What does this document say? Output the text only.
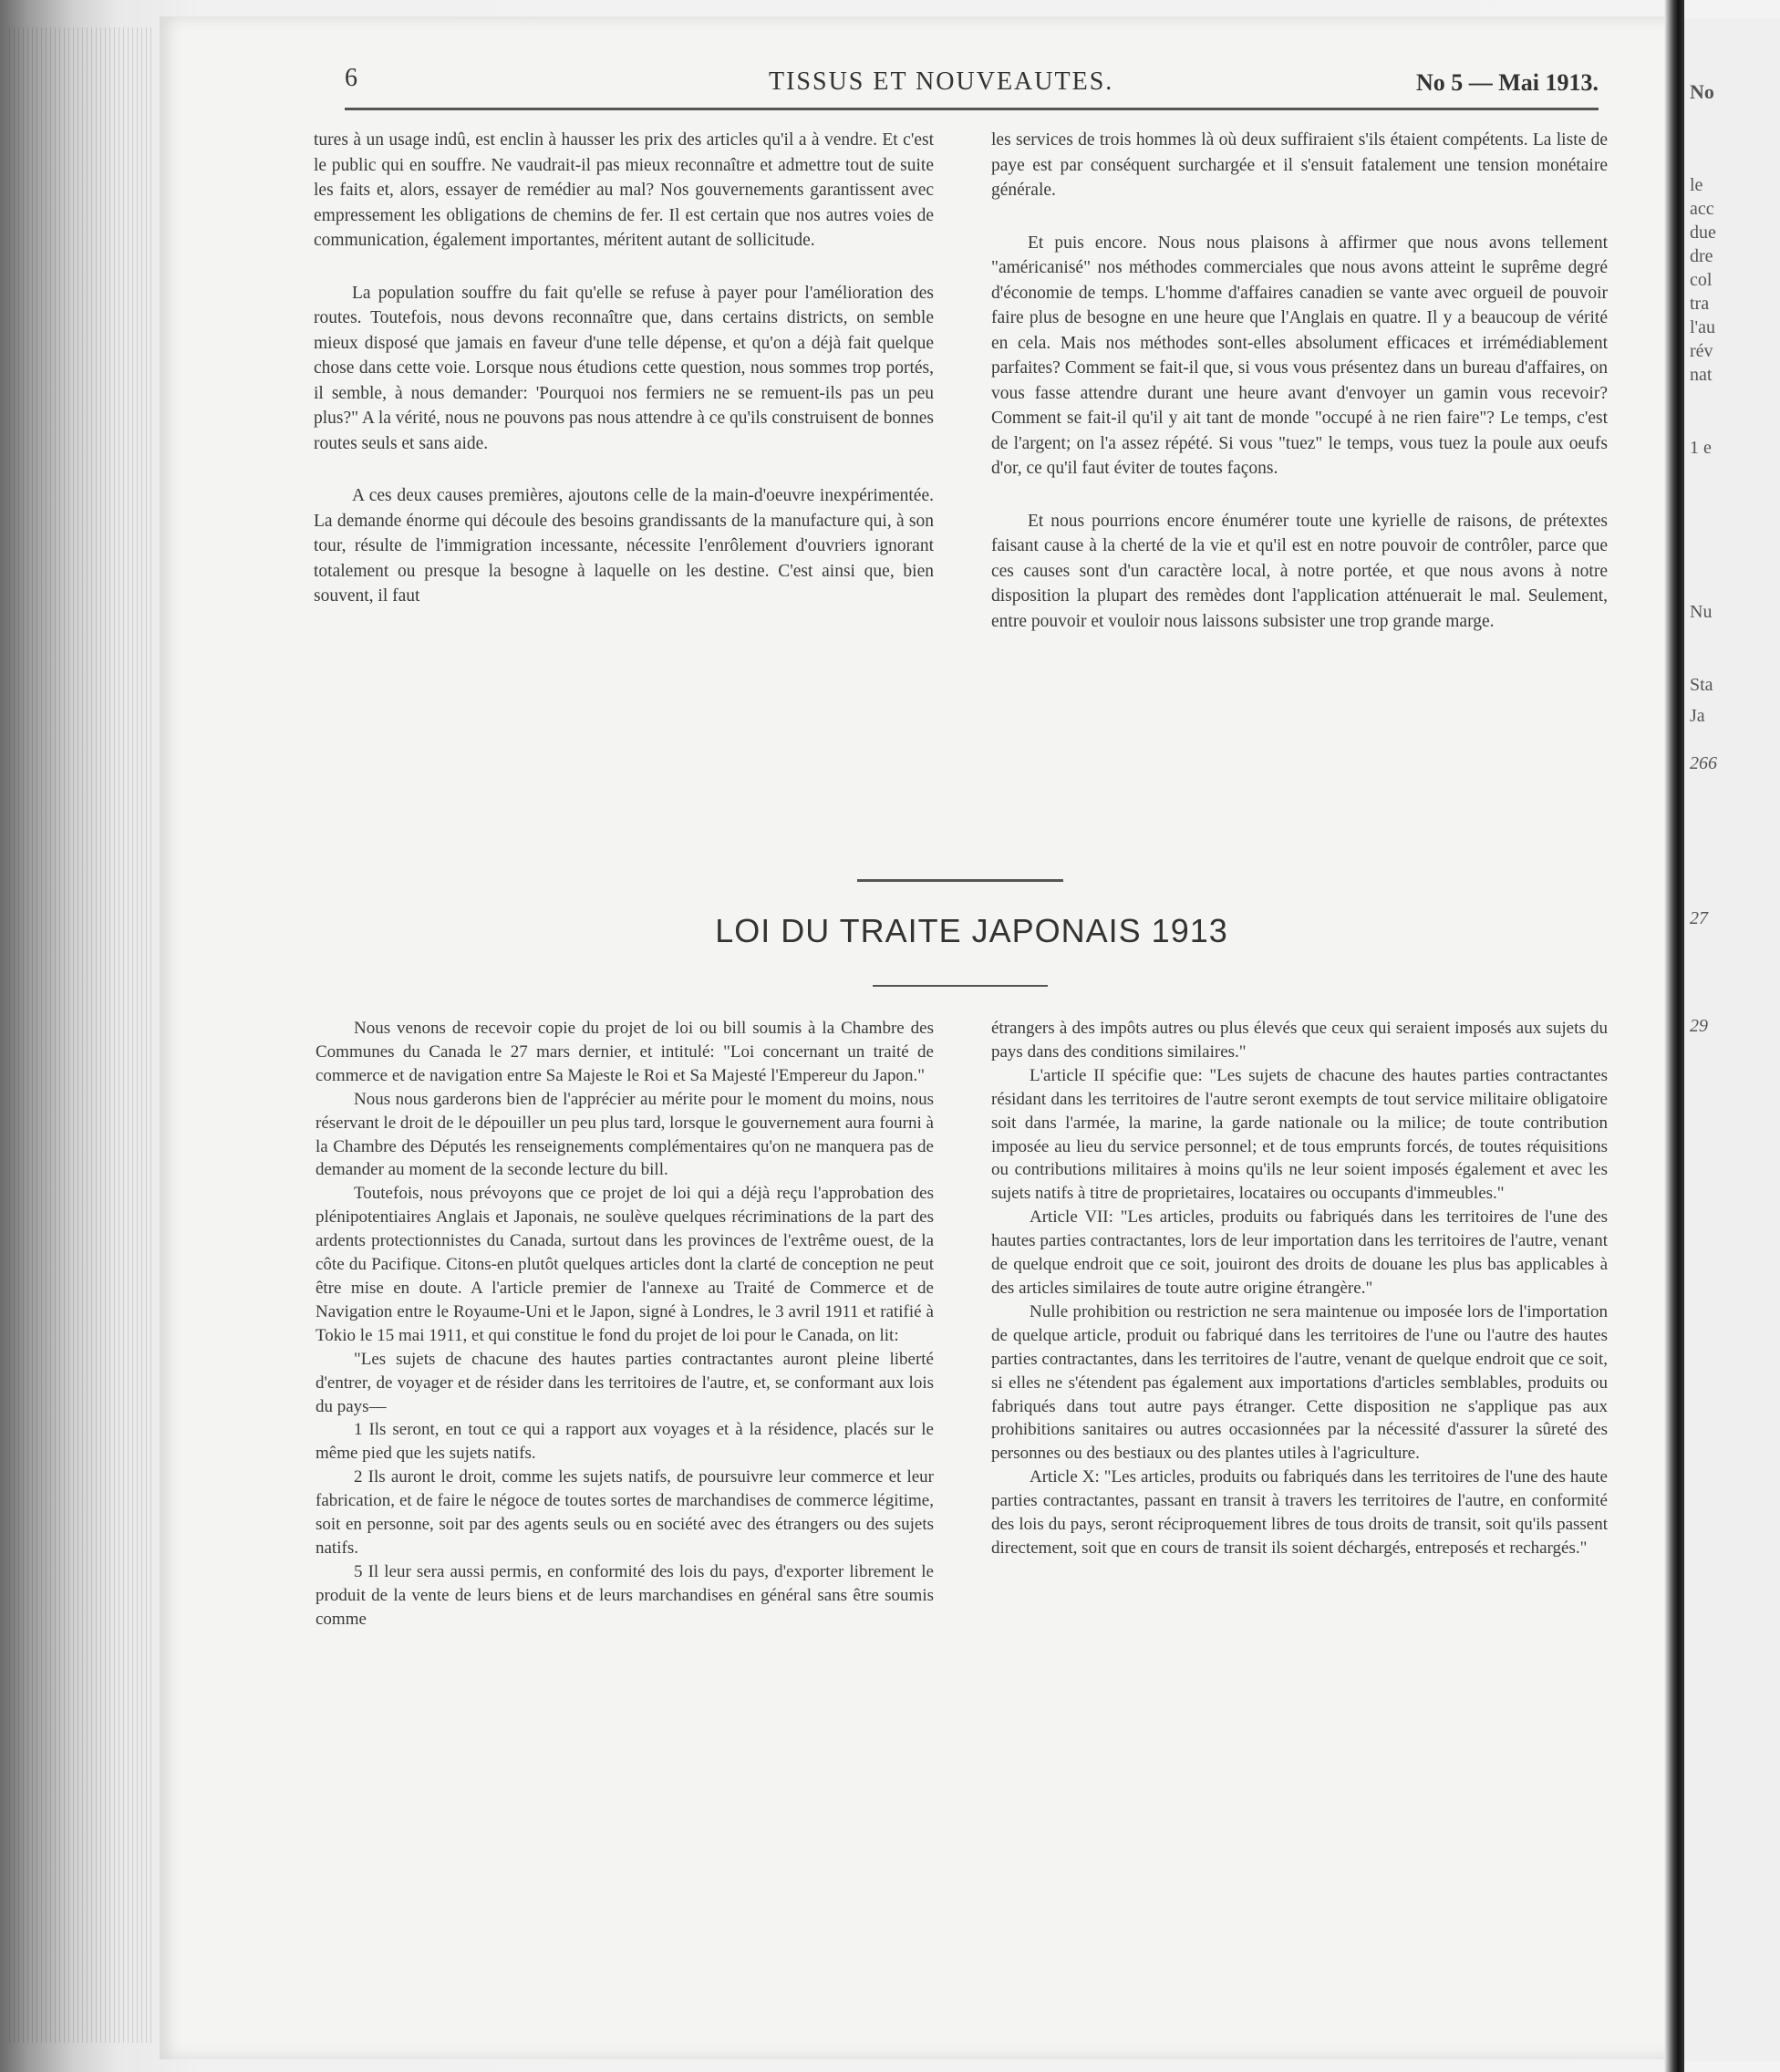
6	TISSUS ET NOUVEAUTES.	No 5 — Mai 1913.

tures à un usage indû, est enclin à hausser les prix des articles qu'il a à vendre. Et c'est le public qui en souffre. Ne vaudrait-il pas mieux reconnaître et admettre tout de suite les faits et, alors, essayer de remédier au mal? Nos gouvernements garantissent avec empressement les obligations de chemins de fer. Il est certain que nos autres voies de communication, également importantes, méritent autant de sollicitude.

La population souffre du fait qu'elle se refuse à payer pour l'amélioration des routes. Toutefois, nous devons reconnaître que, dans certains districts, on semble mieux disposé que jamais en faveur d'une telle dépense, et qu'on a déjà fait quelque chose dans cette voie. Lorsque nous étudions cette question, nous sommes trop portés, il semble, à nous demander: 'Pourquoi nos fermiers ne se remuent-ils pas un peu plus?" A la vérité, nous ne pouvons pas nous attendre à ce qu'ils construisent de bonnes routes seuls et sans aide.

A ces deux causes premières, ajoutons celle de la main-d'oeuvre inexpérimentée. La demande énorme qui découle des besoins grandissants de la manufacture qui, à son tour, résulte de l'immigration incessante, nécessite l'enrôlement d'ouvriers ignorant totalement ou presque la besogne à laquelle on les destine. C'est ainsi que, bien souvent, il faut

les services de trois hommes là où deux suffiraient s'ils étaient compétents. La liste de paye est par conséquent surchargée et il s'ensuit fatalement une tension monétaire générale.

Et puis encore. Nous nous plaisons à affirmer que nous avons tellement "américanisé" nos méthodes commerciales que nous avons atteint le suprême degré d'économie de temps. L'homme d'affaires canadien se vante avec orgueil de pouvoir faire plus de besogne en une heure que l'Anglais en quatre. Il y a beaucoup de vérité en cela. Mais nos méthodes sont-elles absolument efficaces et irrémédiablement parfaites? Comment se fait-il que, si vous vous présentez dans un bureau d'affaires, on vous fasse attendre durant une heure avant d'envoyer un gamin vous recevoir? Comment se fait-il qu'il y ait tant de monde "occupé à ne rien faire"? Le temps, c'est de l'argent; on l'a assez répété. Si vous "tuez" le temps, vous tuez la poule aux oeufs d'or, ce qu'il faut éviter de toutes façons.

Et nous pourrions encore énumérer toute une kyrielle de raisons, de prétextes faisant cause à la cherté de la vie et qu'il est en notre pouvoir de contrôler, parce que ces causes sont d'un caractère local, à notre portée, et que nous avons à notre disposition la plupart des remèdes dont l'application atténuerait le mal. Seulement, entre pouvoir et vouloir nous laissons subsister une trop grande marge.

LOI DU TRAITE JAPONAIS 1913

Nous venons de recevoir copie du projet de loi ou bill soumis à la Chambre des Communes du Canada le 27 mars dernier, et intitulé: "Loi concernant un traité de commerce et de navigation entre Sa Majeste le Roi et Sa Majesté l'Empereur du Japon."

Nous nous garderons bien de l'apprécier au mérite pour le moment du moins, nous réservant le droit de le dépouiller un peu plus tard, lorsque le gouvernement aura fourni à la Chambre des Députés les renseignements complémentaires qu'on ne manquera pas de demander au moment de la seconde lecture du bill.

Toutefois, nous prévoyons que ce projet de loi qui a déjà reçu l'approbation des plénipotentiaires Anglais et Japonais, ne soulève quelques récriminations de la part des ardents protectionnistes du Canada, surtout dans les provinces de l'extrême ouest, de la côte du Pacifique. Citons-en plutôt quelques articles dont la clarté de conception ne peut être mise en doute. A l'article premier de l'annexe au Traité de Commerce et de Navigation entre le Royaume-Uni et le Japon, signé à Londres, le 3 avril 1911 et ratifié à Tokio le 15 mai 1911, et qui constitue le fond du projet de loi pour le Canada, on lit:

"Les sujets de chacune des hautes parties contractantes auront pleine liberté d'entrer, de voyager et de résider dans les territoires de l'autre, et, se conformant aux lois du pays—

1 Ils seront, en tout ce qui a rapport aux voyages et à la résidence, placés sur le même pied que les sujets natifs.

2 Ils auront le droit, comme les sujets natifs, de poursuivre leur commerce et leur fabrication, et de faire le négoce de toutes sortes de marchandises de commerce légitime, soit en personne, soit par des agents seuls ou en société avec des étrangers ou des sujets natifs.

5 Il leur sera aussi permis, en conformité des lois du pays, d'exporter librement le produit de la vente de leurs biens et de leurs marchandises en général sans être soumis comme

étrangers à des impôts autres ou plus élevés que ceux qui seraient imposés aux sujets du pays dans des conditions similaires."

L'article II spécifie que: "Les sujets de chacune des hautes parties contractantes résidant dans les territoires de l'autre seront exempts de tout service militaire obligatoire soit dans l'armée, la marine, la garde nationale ou la milice; de toute contribution imposée au lieu du service personnel; et de tous emprunts forcés, de toutes réquisitions ou contributions militaires à moins qu'ils ne leur soient imposés également et avec les sujets natifs à titre de proprietaires, locataires ou occupants d'immeubles."

Article VII: "Les articles, produits ou fabriqués dans les territoires de l'une des hautes parties contractantes, lors de leur importation dans les territoires de l'autre, venant de quelque endroit que ce soit, jouiront des droits de douane les plus bas applicables à des articles similaires de toute autre origine étrangère."

Nulle prohibition ou restriction ne sera maintenue ou imposée lors de l'importation de quelque article, produit ou fabriqué dans les territoires de l'une ou l'autre des hautes parties contractantes, dans les territoires de l'autre, venant de quelque endroit que ce soit, si elles ne s'étendent pas également aux importations d'articles semblables, produits ou fabriqués dans tout autre pays étranger. Cette disposition ne s'applique pas aux prohibitions sanitaires ou autres occasionnées par la nécessité d'assurer la sûreté des personnes ou des bestiaux ou des plantes utiles à l'agriculture.

Article X: "Les articles, produits ou fabriqués dans les territoires de l'une des haute parties contractantes, passant en transit à travers les territoires de l'autre, en conformité des lois du pays, seront réciproquement libres de tous droits de transit, soit qu'ils passent directement, soit que en cours de transit ils soient déchargés, entreposés et rechargés."

No
le
acc
due
dre
col
tra
l'au
rév
nat
1 e
Nu
Sta
Ja
266
27
29
